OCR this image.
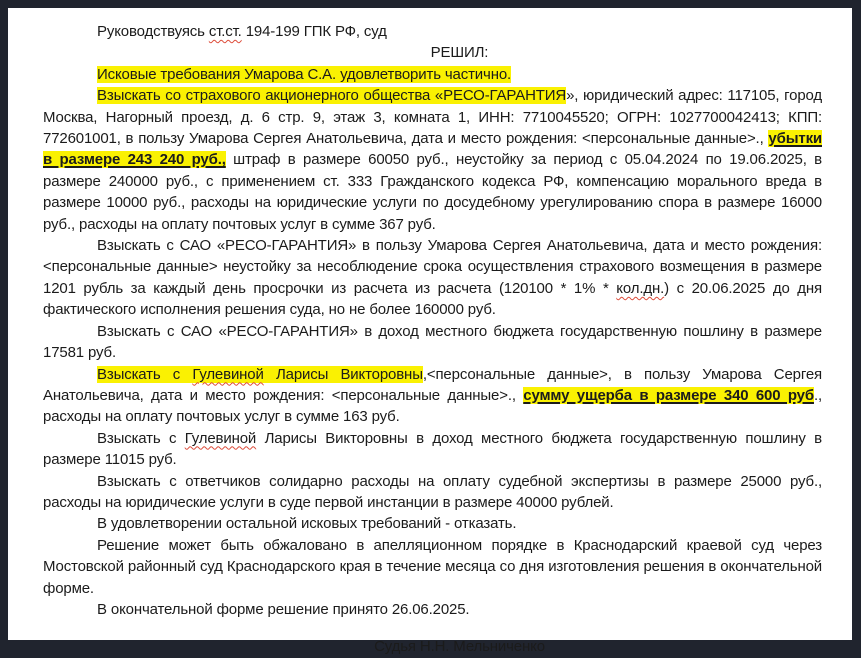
Руководствуясь ст.ст. 194-199 ГПК РФ, суд

РЕШИЛ:

Исковые требования Умарова С.А. удовлетворить частично.

Взыскать со страхового акционерного общества «РЕСО-ГАРАНТИЯ», юридический адрес: 117105, город Москва, Нагорный проезд, д. 6 стр. 9, этаж 3, комната 1, ИНН: 7710045520; ОГРН: 1027700042413; КПП: 772601001, в пользу Умарова Сергея Анатольевича, дата и место рождения: <персональные данные>., убытки в размере 243 240 руб., штраф в размере 60050 руб., неустойку за период с 05.04.2024 по 19.06.2025, в размере 240000 руб., с применением ст. 333 Гражданского кодекса РФ, компенсацию морального вреда в размере 10000 руб., расходы на юридические услуги по досудебному урегулированию спора в размере 16000 руб., расходы на оплату почтовых услуг в сумме 367 руб.

Взыскать с САО «РЕСО-ГАРАНТИЯ» в пользу Умарова Сергея Анатольевича, дата и место рождения: <персональные данные> неустойку за несоблюдение срока осуществления страхового возмещения в размере 1201 рубль за каждый день просрочки из расчета из расчета (120100 * 1% * кол.дн.) с 20.06.2025 до дня фактического исполнения решения суда, но не более 160000 руб.

Взыскать с САО «РЕСО-ГАРАНТИЯ» в доход местного бюджета государственную пошлину в размере 17581 руб.

Взыскать с Гулевиной Ларисы Викторовны,<персональные данные>, в пользу Умарова Сергея Анатольевича, дата и место рождения: <персональные данные>., сумму ущерба в размере 340 600 руб., расходы на оплату почтовых услуг в сумме 163 руб.

Взыскать с Гулевиной Ларисы Викторовны в доход местного бюджета государственную пошлину в размере 11015 руб.

Взыскать с ответчиков солидарно расходы на оплату судебной экспертизы в размере 25000 руб., расходы на юридические услуги в суде первой инстанции в размере 40000 рублей.

В удовлетворении остальной исковых требований - отказать.

Решение может быть обжаловано в апелляционном порядке в Краснодарский краевой суд через Мостовской районный суд Краснодарского края в течение месяца со дня изготовления решения в окончательной форме.

В окончательной форме решение принято 26.06.2025.

Судья Н.Н. Мельниченко
